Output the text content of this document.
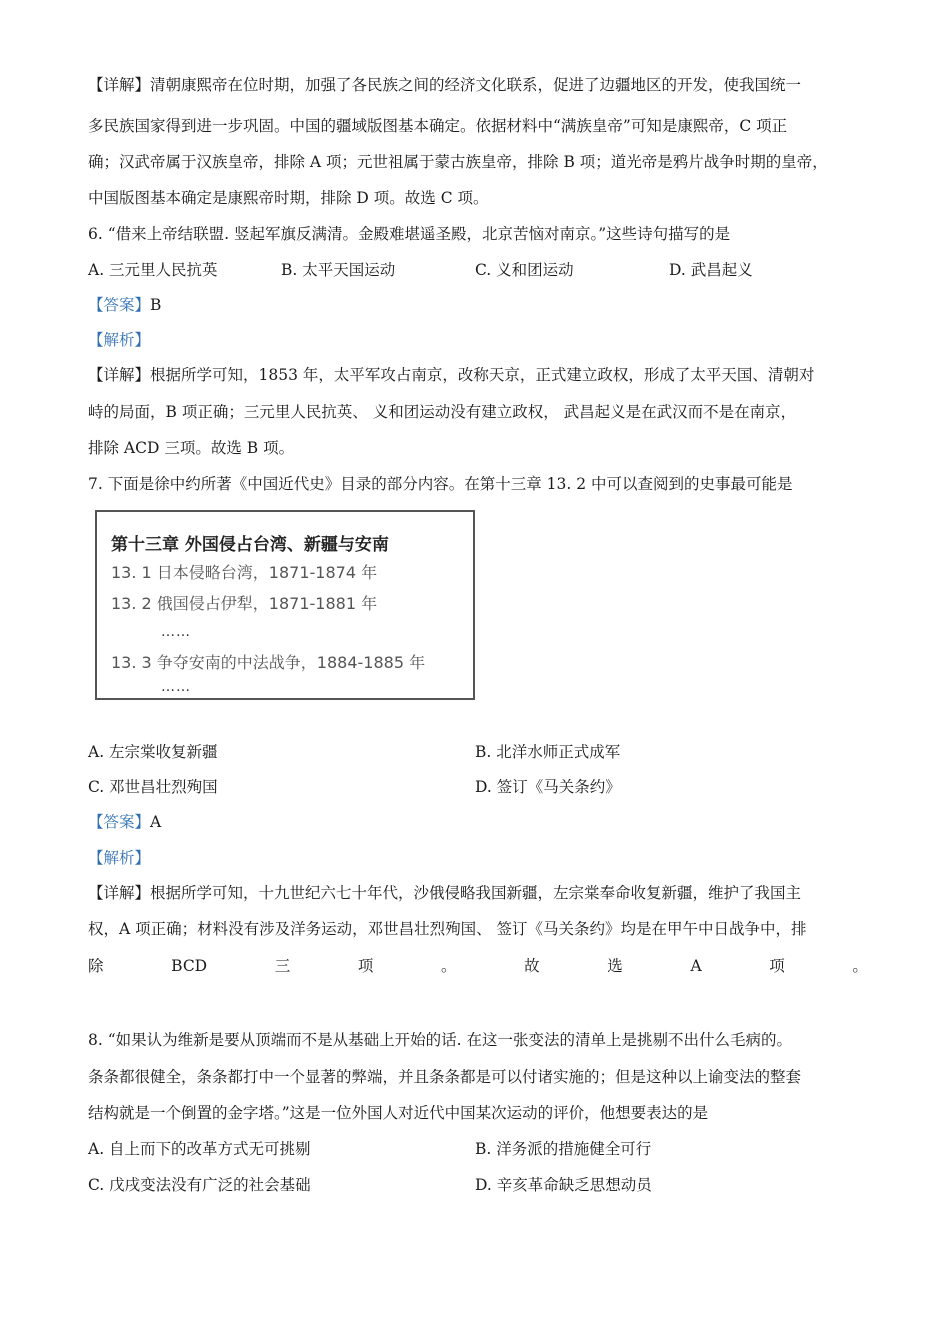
【详解】清朝康熙帝在位时期，加强了各民族之间的经济文化联系，促进了边疆地区的开发，使我国统一
多民族国家得到进一步巩固。中国的疆域版图基本确定。依据材料中“满族皇帝”可知是康熙帝，C 项正
确；汉武帝属于汉族皇帝，排除 A 项；元世祖属于蒙古族皇帝，排除 B 项；道光帝是鸦片战争时期的皇帝，
中国版图基本确定是康熙帝时期，排除 D 项。故选 C 项。
6. “借来上帝结联盟. 竖起军旗反满清。金殿难堪遥圣殿，北京苦恼对南京。”这些诗句描写的是
A. 三元里人民抗英	B. 太平天国运动	C. 义和团运动	D. 武昌起义
【答案】B
【解析】
【详解】根据所学可知，1853 年，太平军攻占南京，改称天京，正式建立政权，形成了太平天国、清朝对
峙的局面，B 项正确；三元里人民抗英、 义和团运动没有建立政权， 武昌起义是在武汉而不是在南京，
排除 ACD 三项。故选 B 项。
7. 下面是徐中约所著《中国近代史》目录的部分内容。在第十三章 13. 2 中可以查阅到的史事最可能是
第十三章 外国侵占台湾、新疆与安南
13. 1 日本侵略台湾，1871-1874 年
13. 2 俄国侵占伊犁，1871-1881 年
……
13. 3 争夺安南的中法战争，1884-1885 年
……
A. 左宗棠收复新疆	B. 北洋水师正式成军
C. 邓世昌壮烈殉国	D. 签订《马关条约》
【答案】A
【解析】
【详解】根据所学可知，十九世纪六七十年代，沙俄侵略我国新疆，左宗棠奉命收复新疆，维护了我国主
权，A 项正确；材料没有涉及洋务运动，邓世昌壮烈殉国、 签订《马关条约》均是在甲午中日战争中，排
除	BCD	三	项	。	故	选	A	项	。
8. “如果认为维新是要从顶端而不是从基础上开始的话. 在这一张变法的清单上是挑剔不出什么毛病的。
条条都很健全，条条都打中一个显著的弊端，并且条条都是可以付诸实施的；但是这种以上谕变法的整套
结构就是一个倒置的金字塔。”这是一位外国人对近代中国某次运动的评价，他想要表达的是
A. 自上而下的改革方式无可挑剔	B. 洋务派的措施健全可行
C. 戊戌变法没有广泛的社会基础	D. 辛亥革命缺乏思想动员
